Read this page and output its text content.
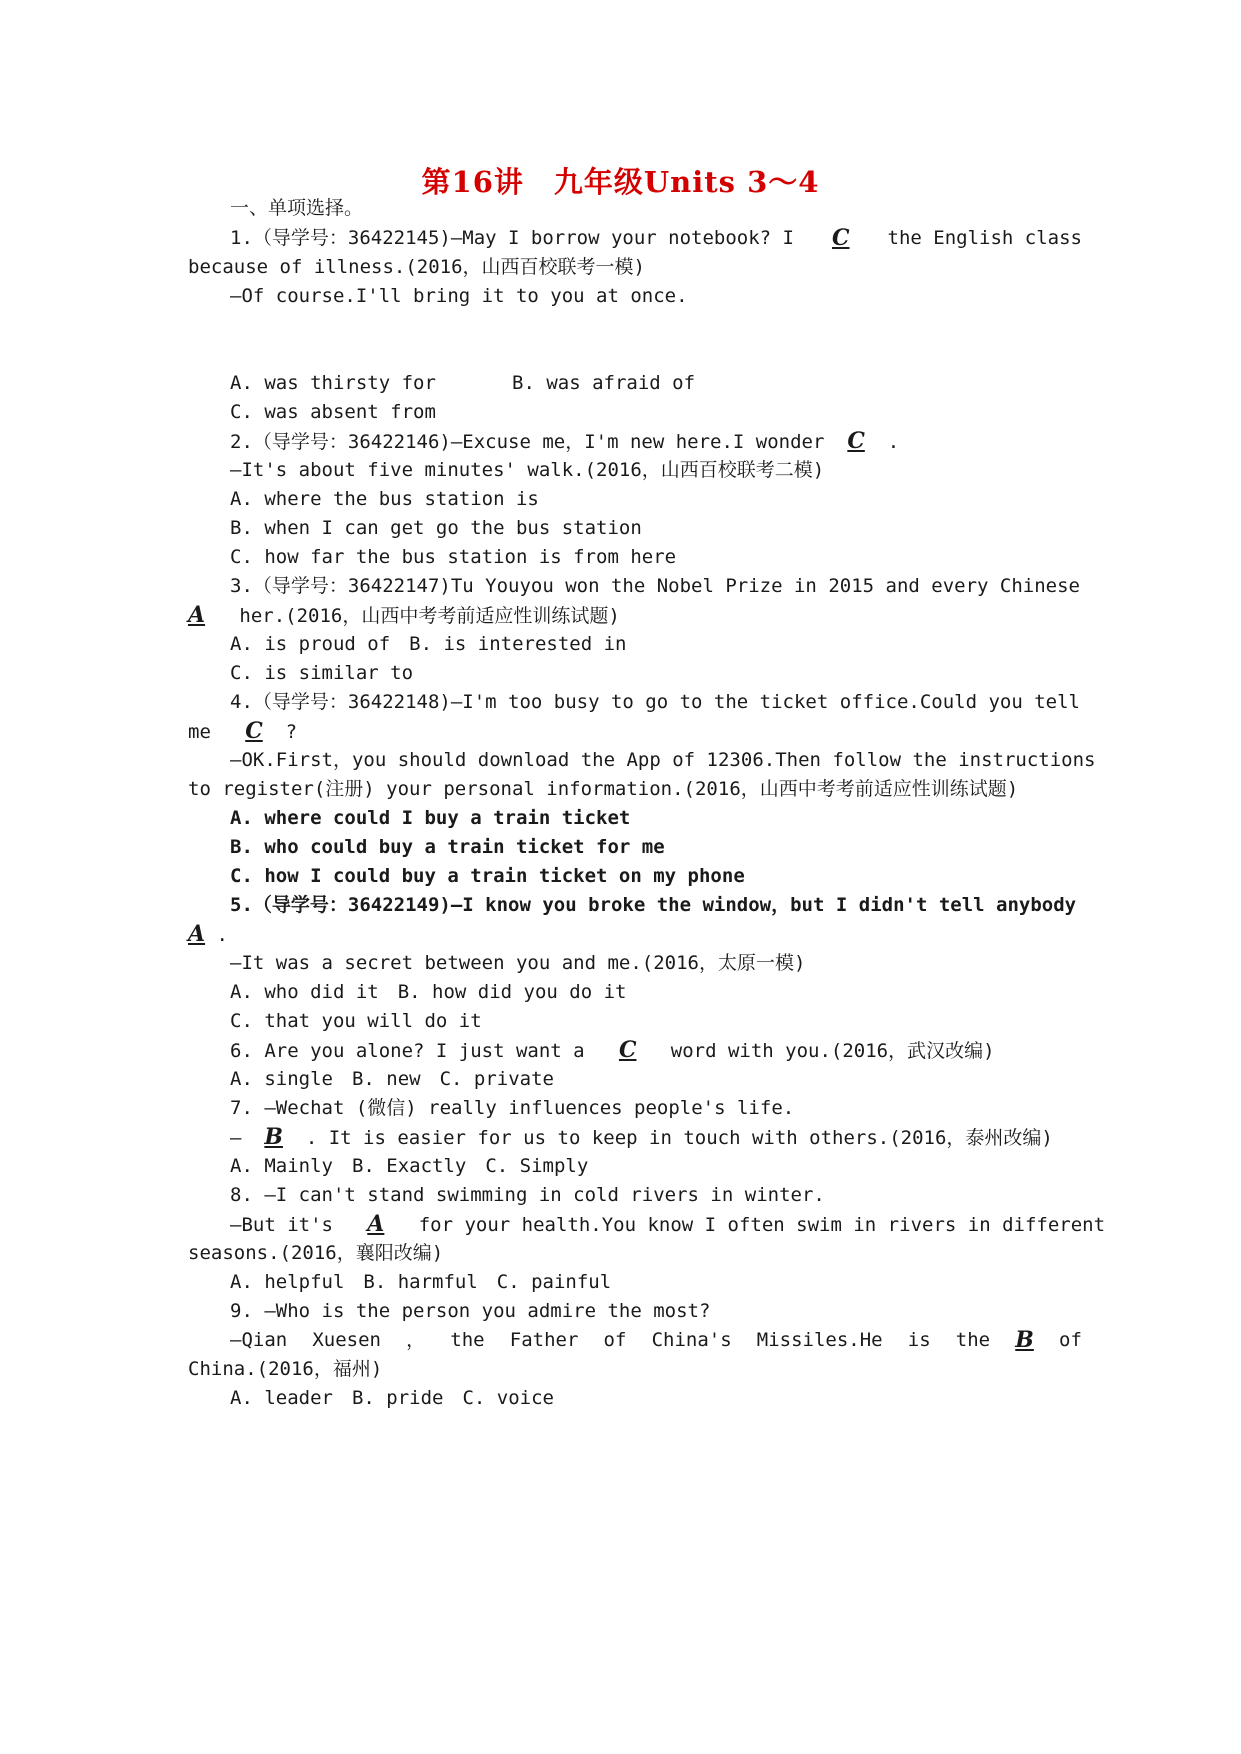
第16讲　九年级Units 3～4
一、单项选择。
1.（导学号：36422145)—May I borrow your notebook? I C the English class
because of illness.(2016，山西百校联考一模)
—Of course.I'll bring it to you at once.
A. was thirsty for	B. was afraid of
C. was absent from
2.（导学号：36422146)—Excuse me，I'm new here.I wonder C .
—It's about five minutes' walk.(2016，山西百校联考二模)
A. where the bus station is
B. when I can get go the bus station
C. how far the bus station is from here
3.（导学号：36422147)Tu Youyou won the Nobel Prize in 2015 and every Chinese
A her.(2016，山西中考考前适应性训练试题)
A. is proud of　B. is interested in
C. is similar to
4.（导学号：36422148)—I'm too busy to go to the ticket office.Could you tell
me C ?
—OK.First，you should download the App of 12306.Then follow the instructions
to register(注册) your personal information.(2016，山西中考考前适应性训练试题)
A. where could I buy a train ticket
B. who could buy a train ticket for me
C. how I could buy a train ticket on my phone
5.（导学号：36422149)—I know you broke the window，but I didn't tell anybody
A .
—It was a secret between you and me.(2016，太原一模)
A. who did it　B. how did you do it
C. that you will do it
6. Are you alone? I just want a C word with you.(2016，武汉改编)
A. single　B. new　C. private
7. —Wechat (微信) really influences people's life.
— B . It is easier for us to keep in touch with others.(2016，泰州改编)
A. Mainly　B. Exactly　C. Simply
8. —I can't stand swimming in cold rivers in winter.
—But it's A for your health.You know I often swim in rivers in different
seasons.(2016，襄阳改编)
A. helpful　B. harmful　C. painful
9. —Who is the person you admire the most?
—Qian Xuesen ， the Father of China's Missiles.He is the B of
China.(2016，福州)
A. leader　B. pride　C. voice
